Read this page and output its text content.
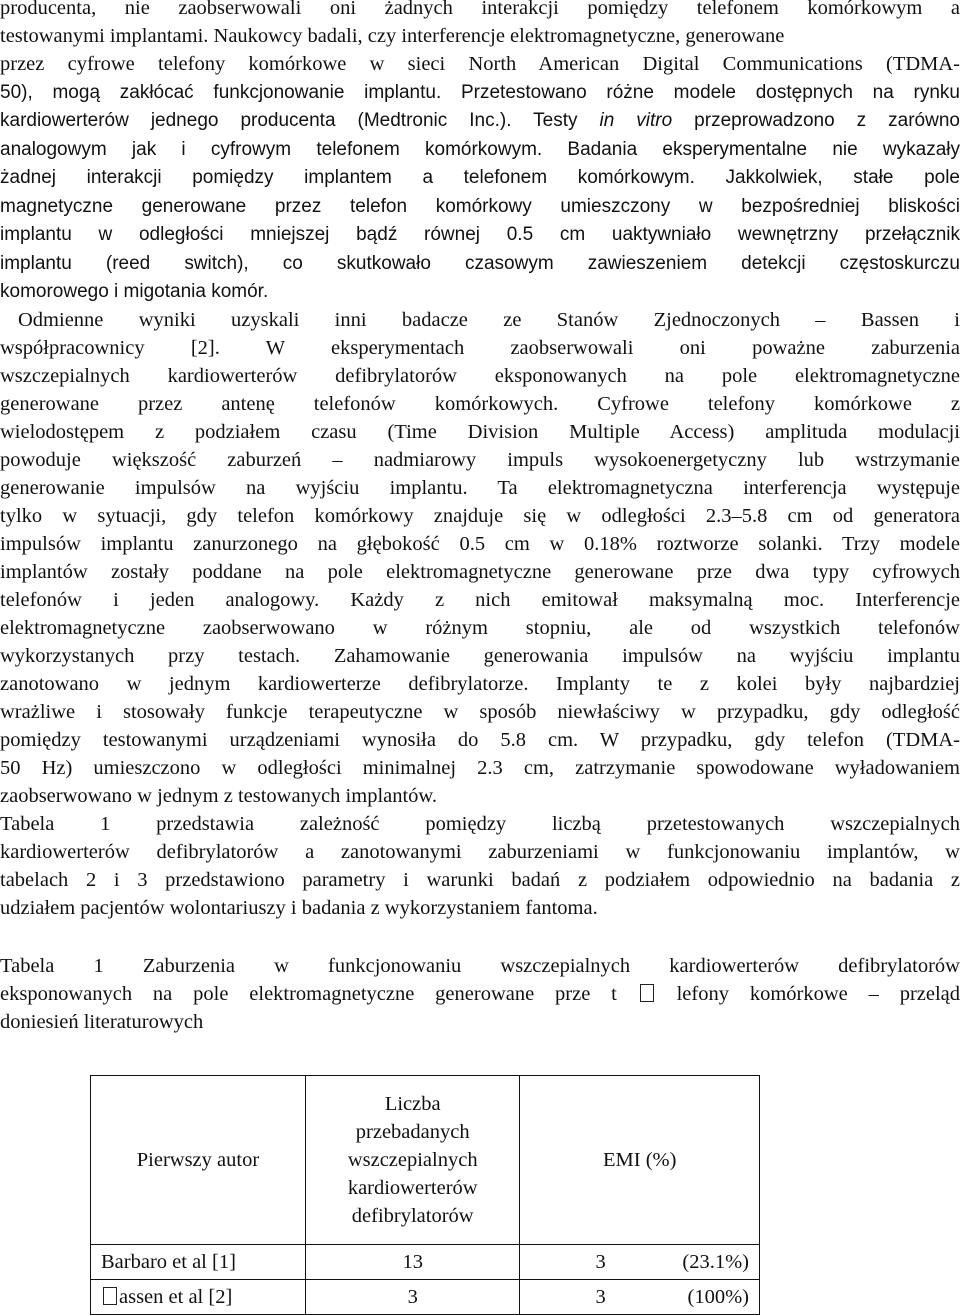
producenta, nie zaobserwowali oni żadnych interakcji pomiędzy telefonem komórkowym a
testowanymi implantami. Naukowcy badali, czy interferencje elektromagnetyczne, generowane
przez cyfrowe telefony komórkowe w sieci North American Digital Communications (TDMA-
50), mogą zakłócać funkcjonowanie implantu. Przetestowano różne modele dostępnych na rynku
kardiowerterów jednego producenta (Medtronic Inc.). Testy in vitro przeprowadzono z zarówno
analogowym jak i cyfrowym telefonem komórkowym. Badania eksperymentalne nie wykazały
żadnej interakcji pomiędzy implantem a telefonem komórkowym. Jakkolwiek, stałe pole
magnetyczne generowane przez telefon komórkowy umieszczony w bezpośredniej bliskości
implantu w odległości mniejszej bądź równej 0.5 cm uaktywniało wewnętrzny przełącznik
implantu (reed switch), co skutkowało czasowym zawieszeniem detekcji częstoskurczu
komorowego i migotania komór.
Odmienne wyniki uzyskali inni badacze ze Stanów Zjednoczonych – Bassen i
współpracownicy [2]. W eksperymentach zaobserwowali oni poważne zaburzenia
wszczepialnych kardiowerterów defibrylatorów eksponowanych na pole elektromagnetyczne
generowane przez antenę telefonów komórkowych. Cyfrowe telefony komórkowe z
wielodostępem z podziałem czasu (Time Division Multiple Access) amplituda modulacji
powoduje większość zaburzeń – nadmiarowy impuls wysokoenergetyczny lub wstrzymanie
generowanie impulsów na wyjściu implantu. Ta elektromagnetyczna interferencja występuje
tylko w sytuacji, gdy telefon komórkowy znajduje się w odległości 2.3–5.8 cm od generatora
impulsów implantu zanurzonego na głębokość 0.5 cm w 0.18% roztworze solanki. Trzy modele
implantów zostały poddane na pole elektromagnetyczne generowane prze dwa typy cyfrowych
telefonów i jeden analogowy. Każdy z nich emitował maksymalną moc. Interferencje
elektromagnetyczne zaobserwowano w różnym stopniu, ale od wszystkich telefonów
wykorzystanych przy testach. Zahamowanie generowania impulsów na wyjściu implantu
zanotowano w jednym kardiowerterze defibrylatorze. Implanty te z kolei były najbardziej
wrażliwe i stosowały funkcje terapeutyczne w sposób niewłaściwy w przypadku, gdy odległość
pomiędzy testowanymi urządzeniami wynosiła do 5.8 cm. W przypadku, gdy telefon (TDMA-
50 Hz) umieszczono w odległości minimalnej 2.3 cm, zatrzymanie spowodowane wyładowaniem
zaobserwowano w jednym z testowanych implantów.
Tabela 1 przedstawia zależność pomiędzy liczbą przetestowanych wszczepialnych
kardiowerterów defibrylatorów a zanotowanymi zaburzeniami w funkcjonowaniu implantów, w
tabelach 2 i 3 przedstawiono parametry i warunki badań z podziałem odpowiednio na badania z
udziałem pacjentów wolontariuszy i badania z wykorzystaniem fantoma.
Tabela 1 Zaburzenia w funkcjonowaniu wszczepialnych kardiowerterów defibrylatorów
eksponowanych na pole elektromagnetyczne generowane prze t	lefony komórkowe – przeląd
doniesień literaturowych
Pierwszy autor	Liczba
przebadanych
wszczepialnych
kardiowerterów
defibrylatorów	EMI (%)
Barbaro et al [1]	13	3 (23.1%)

assen et al [2]	3	3 (100%)
